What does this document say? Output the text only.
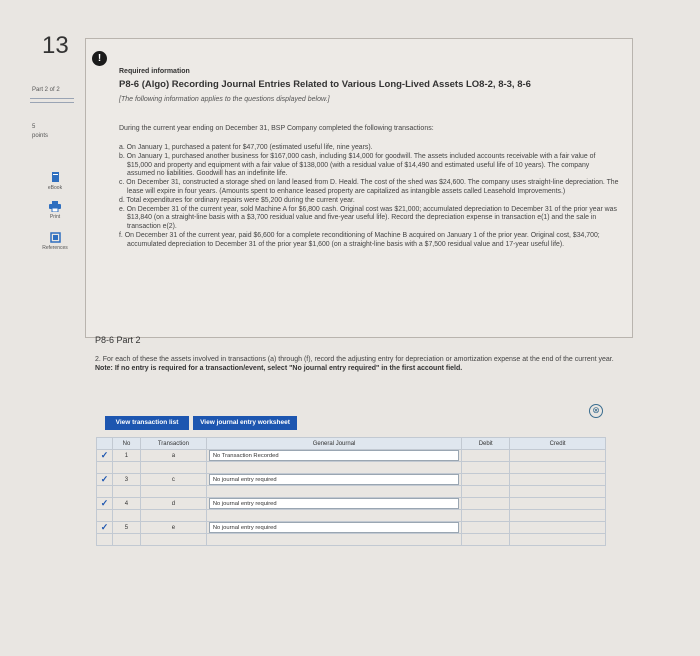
13
Part 2 of 2
5
points
eBook
Print
References
!
Required information
P8-6 (Algo) Recording Journal Entries Related to Various Long-Lived Assets LO8-2, 8-3, 8-6
[The following information applies to the questions displayed below.]
During the current year ending on December 31, BSP Company completed the following transactions:

a. On January 1, purchased a patent for $47,700 (estimated useful life, nine years).

b. On January 1, purchased another business for $167,000 cash, including $14,000 for goodwill. The assets included accounts receivable with a fair value of $15,000 and property and equipment with a fair value of $138,000 (with a residual value of $14,490 and estimated useful life of 10 years). The company assumed no liabilities. Goodwill has an indefinite life.

c. On December 31, constructed a storage shed on land leased from D. Heald. The cost of the shed was $24,600. The company uses straight-line depreciation. The lease will expire in four years. (Amounts spent to enhance leased property are capitalized as intangible assets called Leasehold Improvements.)

d. Total expenditures for ordinary repairs were $5,200 during the current year.

e. On December 31 of the current year, sold Machine A for $6,800 cash. Original cost was $21,000; accumulated depreciation to December 31 of the prior year was $13,840 (on a straight-line basis with a $3,700 residual value and five-year useful life). Record the depreciation expense in transaction e(1) and the sale in transaction e(2).

f. On December 31 of the current year, paid $6,600 for a complete reconditioning of Machine B acquired on January 1 of the prior year. Original cost, $34,700; accumulated depreciation to December 31 of the prior year $1,600 (on a straight-line basis with a $7,500 residual value and 17-year useful life).

P8-6 Part 2
2. For each of these the assets involved in transactions (a) through (f), record the adjusting entry for depreciation or amortization expense at the end of the current year.
Note: If no entry is required for a transaction/event, select "No journal entry required" in the first account field.
View transaction list	View journal entry worksheet
⊗
	No	Transaction	General Journal	Debit	Credit
✓	1	a	No Transaction Recorded		

✓	3	c	No journal entry required		

✓	4	d	No journal entry required		

✓	5	e	No journal entry required		
